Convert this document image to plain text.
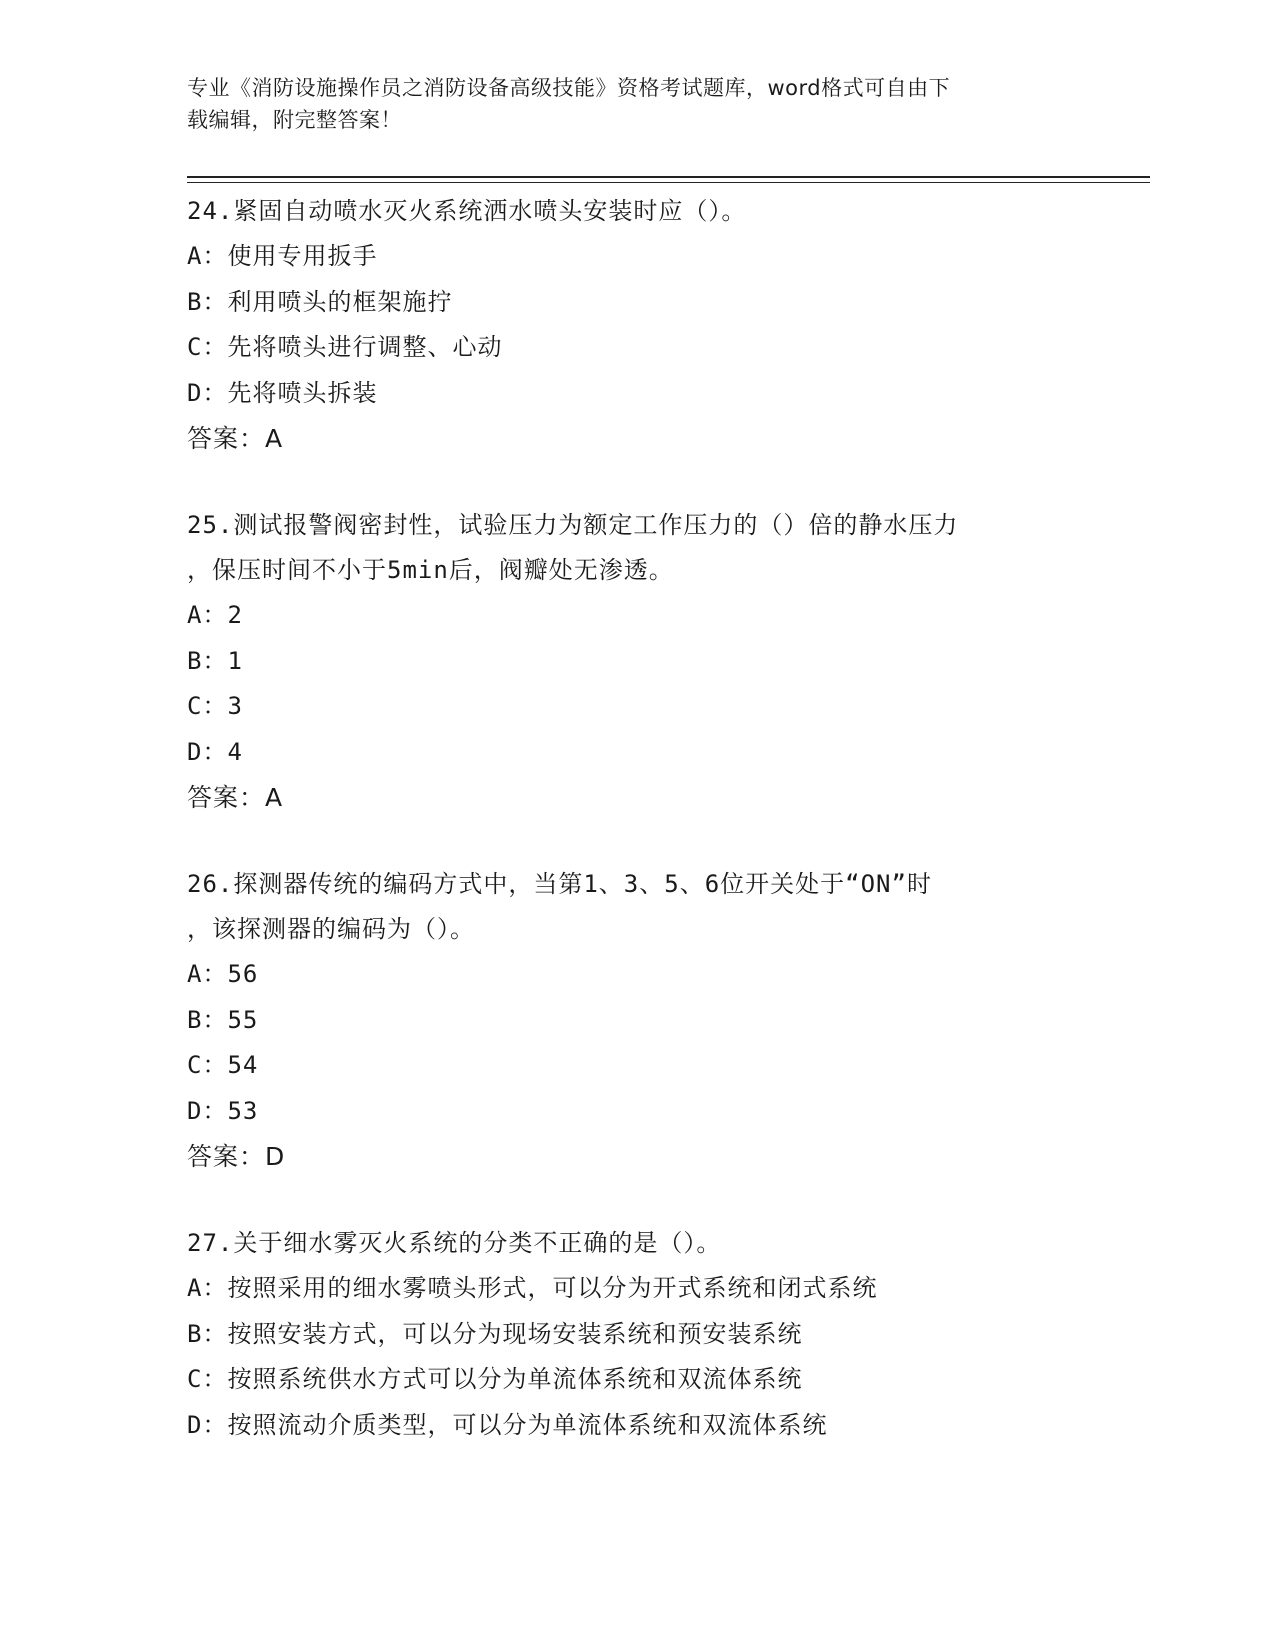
专业《消防设施操作员之消防设备高级技能》资格考试题库，word格式可自由下
载编辑，附完整答案！
24.紧固自动喷水灭火系统洒水喷头安装时应（）。
A：使用专用扳手
B：利用喷头的框架施拧
C：先将喷头进行调整、心动
D：先将喷头拆装
答案：A
25.测试报警阀密封性，试验压力为额定工作压力的（）倍的静水压力
，保压时间不小于5min后，阀瓣处无渗透。
A：2
B：1
C：3
D：4
答案：A
26.探测器传统的编码方式中，当第1、3、5、6位开关处于“ON”时
，该探测器的编码为（）。
A：56
B：55
C：54
D：53
答案：D
27.关于细水雾灭火系统的分类不正确的是（）。
A：按照采用的细水雾喷头形式，可以分为开式系统和闭式系统
B：按照安装方式，可以分为现场安装系统和预安装系统
C：按照系统供水方式可以分为单流体系统和双流体系统
D：按照流动介质类型，可以分为单流体系统和双流体系统
